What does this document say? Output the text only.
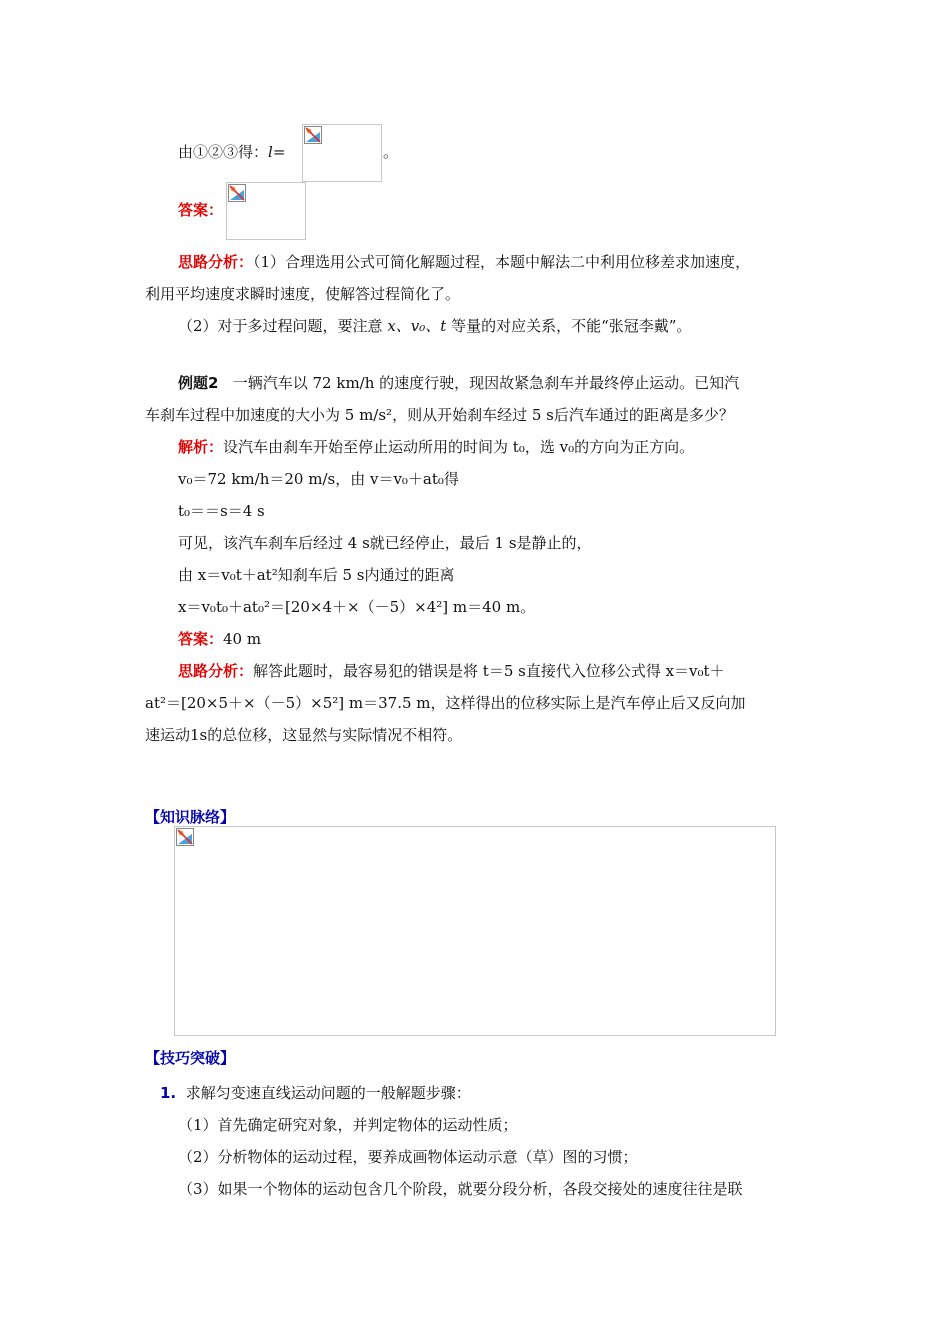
由①②③得：l=	。
答案：
思路分析：（1）合理选用公式可简化解题过程，本题中解法二中利用位移差求加速度，
利用平均速度求瞬时速度，使解答过程简化了。
（2）对于多过程问题，要注意 x、v₀、t 等量的对应关系，不能“张冠李戴”。
例题2 一辆汽车以 72 km/h 的速度行驶，现因故紧急刹车并最终停止运动。已知汽
车刹车过程中加速度的大小为 5 m/s²，则从开始刹车经过 5 s后汽车通过的距离是多少？
解析：设汽车由刹车开始至停止运动所用的时间为 t₀，选 v₀的方向为正方向。
v₀＝72 km/h＝20 m/s，由 v＝v₀＋at₀得
t₀＝＝s＝4 s
可见，该汽车刹车后经过 4 s就已经停止，最后 1 s是静止的，
由 x＝v₀t＋at²知刹车后 5 s内通过的距离
x＝v₀t₀＋at₀²＝[20×4＋×（－5）×4²] m＝40 m。
答案：40 m
思路分析：解答此题时，最容易犯的错误是将 t＝5 s直接代入位移公式得 x＝v₀t＋
at²＝[20×5＋×（－5）×5²] m＝37.5 m，这样得出的位移实际上是汽车停止后又反向加
速运动1s的总位移，这显然与实际情况不相符。
【知识脉络】
【技巧突破】
1. 求解匀变速直线运动问题的一般解题步骤：
（1）首先确定研究对象，并判定物体的运动性质；
（2）分析物体的运动过程，要养成画物体运动示意（草）图的习惯；
（3）如果一个物体的运动包含几个阶段，就要分段分析，各段交接处的速度往往是联
